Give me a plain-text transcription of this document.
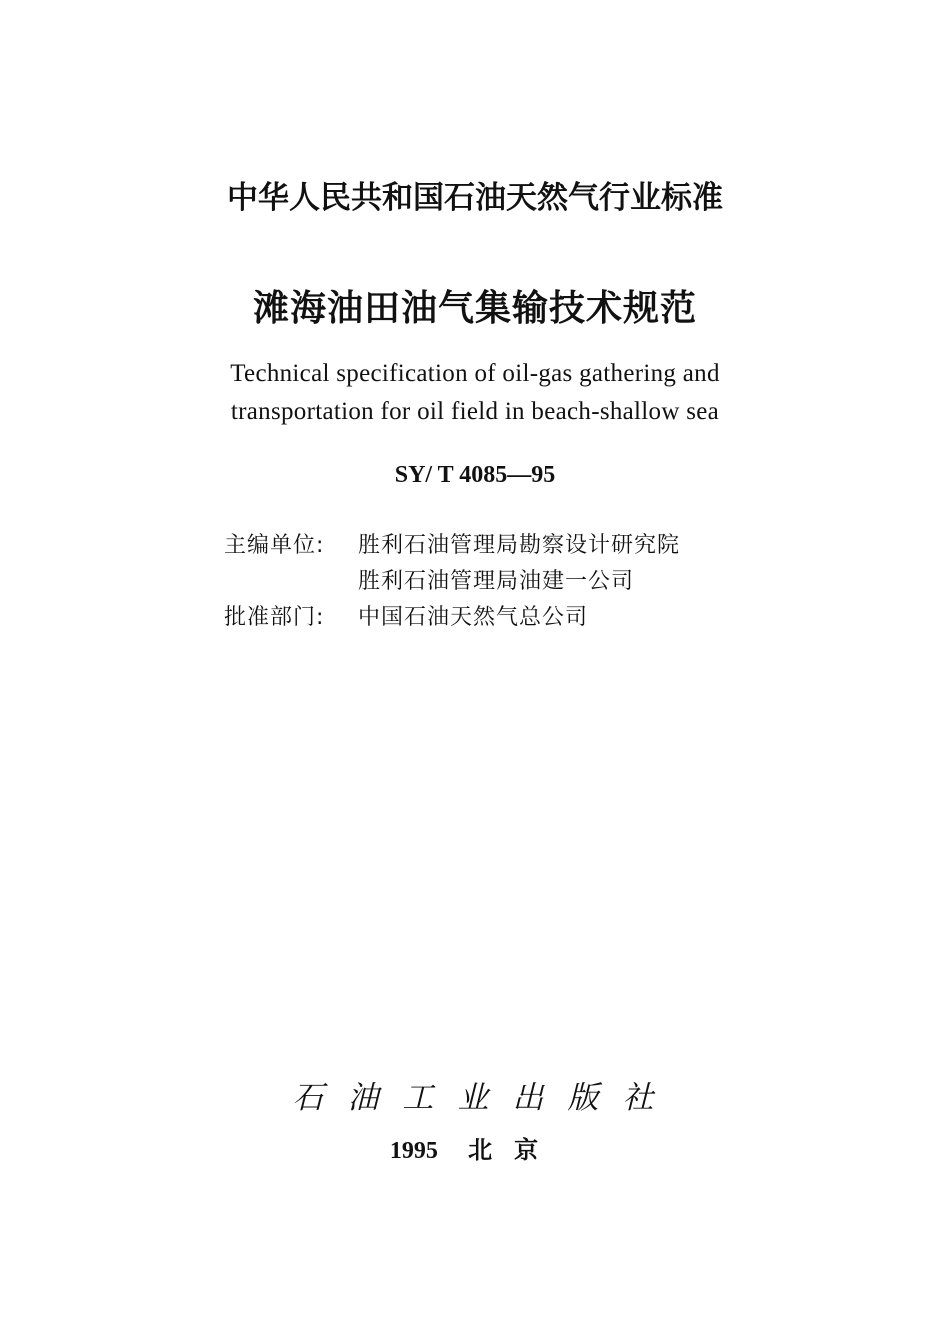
中华人民共和国石油天然气行业标准
滩海油田油气集输技术规范
Technical specification of oil-gas gathering and
transportation for oil field in beach-shallow sea
SY/ T 4085—95
主编单位:	胜利石油管理局勘察设计研究院
胜利石油管理局油建一公司
批准部门:	中国石油天然气总公司
石油工业出版社
1995 北京
